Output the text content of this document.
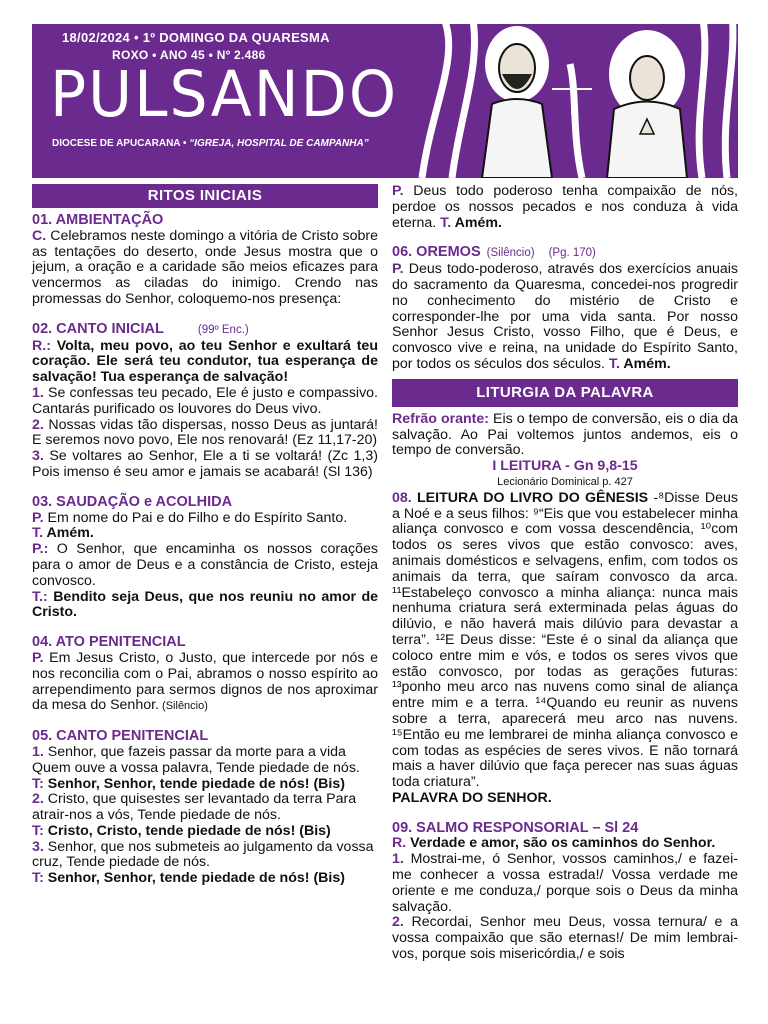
18/02/2024 • 1º DOMINGO DA QUARESMA
ROXO • ANO 45 • Nº 2.486
PULSANDO
DIOCESE DE APUCARANA • “IGREJA, HOSPITAL DE CAMPANHA”
RITOS INICIAIS
01. AMBIENTAÇÃO
C. Celebramos neste domingo a vitória de Cristo sobre as tentações do deserto, onde Jesus mostra que o jejum, a oração e a caridade são meios eficazes para vencermos as ciladas do inimigo. Crendo nas promessas do Senhor, coloquemo-nos presença:
02. CANTO INICIAL	(99º Enc.)
R.: Volta, meu povo, ao teu Senhor e exultará teu coração. Ele será teu condutor, tua esperança de salvação! Tua esperança de salvação!
1. Se confessas teu pecado, Ele é justo e compassivo. Cantarás purificado os louvores do Deus vivo.
2. Nossas vidas tão dispersas, nosso Deus as juntará! E seremos novo povo, Ele nos renovará! (Ez 11,17-20)
3. Se voltares ao Senhor, Ele a ti se voltará! (Zc 1,3) Pois imenso é seu amor e jamais se acabará! (Sl 136)
03. SAUDAÇÃO e ACOLHIDA
P. Em nome do Pai e do Filho e do Espírito Santo.
T. Amém.
P.: O Senhor, que encaminha os nossos corações para o amor de Deus e a constância de Cristo, esteja convosco.
T.: Bendito seja Deus, que nos reuniu no amor de Cristo.
04. ATO PENITENCIAL
P. Em Jesus Cristo, o Justo, que intercede por nós e nos reconcilia com o Pai, abramos o nosso espírito ao arrependimento para sermos dignos de nos aproximar da mesa do Senhor. (Silêncio)
05. CANTO PENITENCIAL
1. Senhor, que fazeis passar da morte para a vida Quem ouve a vossa palavra, Tende piedade de nós.
T: Senhor, Senhor, tende piedade de nós! (Bis)
2. Cristo, que quisestes ser levantado da terra Para atrair-nos a vós, Tende piedade de nós.
T: Cristo, Cristo, tende piedade de nós! (Bis)
3. Senhor, que nos submeteis ao julgamento da vossa cruz, Tende piedade de nós.
T: Senhor, Senhor, tende piedade de nós! (Bis)
P. Deus todo poderoso tenha compaixão de nós, perdoe os nossos pecados e nos conduza à vida eterna. T. Amém.
06. OREMOS (Silêncio) (Pg. 170)
P. Deus todo-poderoso, através dos exercícios anuais do sacramento da Quaresma, concedei-nos progredir no conhecimento do mistério de Cristo e corresponder-lhe por uma vida santa. Por nosso Senhor Jesus Cristo, vosso Filho, que é Deus, e convosco vive e reina, na unidade do Espírito Santo, por todos os séculos dos séculos. T. Amém.
LITURGIA DA PALAVRA
Refrão orante: Eis o tempo de conversão, eis o dia da salvação. Ao Pai voltemos juntos andemos, eis o tempo de conversão.
I LEITURA - Gn 9,8-15
Lecionário Dominical p. 427
08. LEITURA DO LIVRO DO GÊNESIS -⁸Disse Deus a Noé e a seus filhos: ⁹“Eis que vou estabelecer minha aliança convosco e com vossa descendência, ¹⁰com todos os seres vivos que estão convosco: aves, animais domésticos e selvagens, enfim, com todos os animais da terra, que saíram convosco da arca. ¹¹Estabeleço convosco a minha aliança: nunca mais nenhuma criatura será exterminada pelas águas do dilúvio, e não haverá mais dilúvio para devastar a terra”. ¹²E Deus disse: “Este é o sinal da aliança que coloco entre mim e vós, e todos os seres vivos que estão convosco, por todas as gerações futuras: ¹³ponho meu arco nas nuvens como sinal de aliança entre mim e a terra. ¹⁴Quando eu reunir as nuvens sobre a terra, aparecerá meu arco nas nuvens. ¹⁵Então eu me lembrarei de minha aliança convosco e com todas as espécies de seres vivos. E não tornará mais a haver dilúvio que faça perecer nas suas águas toda criatura”.
PALAVRA DO SENHOR.
09. SALMO RESPONSORIAL – Sl 24
R. Verdade e amor, são os caminhos do Senhor.
1. Mostrai-me, ó Senhor, vossos caminhos,/ e fazei-me conhecer a vossa estrada!/ Vossa verdade me oriente e me conduza,/ porque sois o Deus da minha salvação.
2. Recordai, Senhor meu Deus, vossa ternura/ e a vossa compaixão que são eternas!/ De mim lembrai-vos, porque sois misericórdia,/ e sois
